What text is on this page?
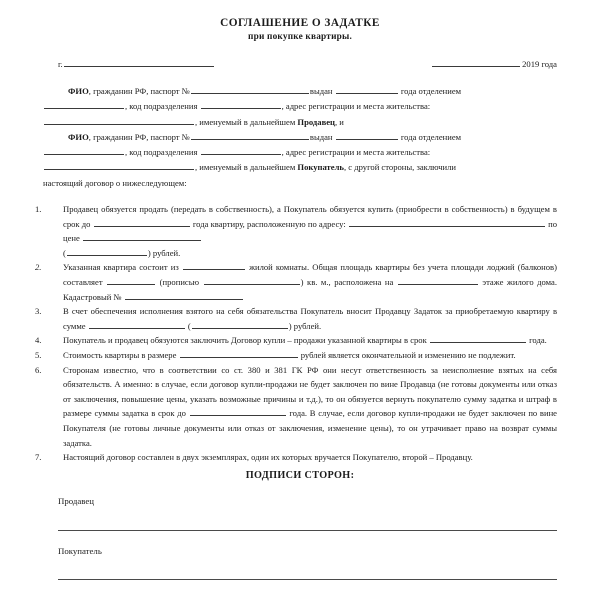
СОГЛАШЕНИЕ О ЗАДАТКЕ
при покупке квартиры.
г.	2019 года

ФИО, гражданин РФ, паспорт №	выдан	года отделением

, код подразделения	, адрес регистрации и места жительства:

, именуемый в дальнейшем Продавец, и

ФИО, гражданин РФ, паспорт №	выдан	года отделением

, код подразделения	, адрес регистрации и места жительства:

, именуемый в дальнейшем Покупатель, с другой стороны, заключили

настоящий договор о нижеследующем:

1.	Продавец обязуется продать (передать в собственность), а Покупатель обязуется купить (приобрести в собственность) в будущем в срок до	года квартиру, расположенную по адресу:	по цене
(	) рублей.
2.	Указанная квартира состоит из	жилой комнаты. Общая площадь квартиры без учета площади лоджий (балконов) составляет	(прописью	) кв. м., расположена на	этаже жилого дома. Кадастровый №
3.	В счет обеспечения исполнения взятого на себя обязательства Покупатель вносит Продавцу Задаток за приобретаемую квартиру в сумме	(	) рублей.
4.	Покупатель и продавец обязуются заключить Договор купли – продажи указанной квартиры в срок	года.
5.	Стоимость квартиры в размере	рублей является окончательной и изменению не подлежит.
6.	Сторонам известно, что в соответствии со ст. 380 и 381 ГК РФ они несут ответственность за неисполнение взятых на себя обязательств. А именно: в случае, если договор купли-продажи не будет заключен по вине Продавца (не готовы документы или отказ от заключения, повышение цены, указать возможные причины и т.д.), то он обязуется вернуть покупателю сумму задатка и штраф в размере суммы задатка в срок до	года. В случае, если договор купли-продажи не будет заключен по вине Покупателя (не готовы личные документы или отказ от заключения, изменение цены), то он утрачивает право на возврат суммы задатка.
7.	Настоящий договор составлен в двух экземплярах, один их которых вручается Покупателю, второй – Продавцу.
ПОДПИСИ СТОРОН:
Продавец
Покупатель
